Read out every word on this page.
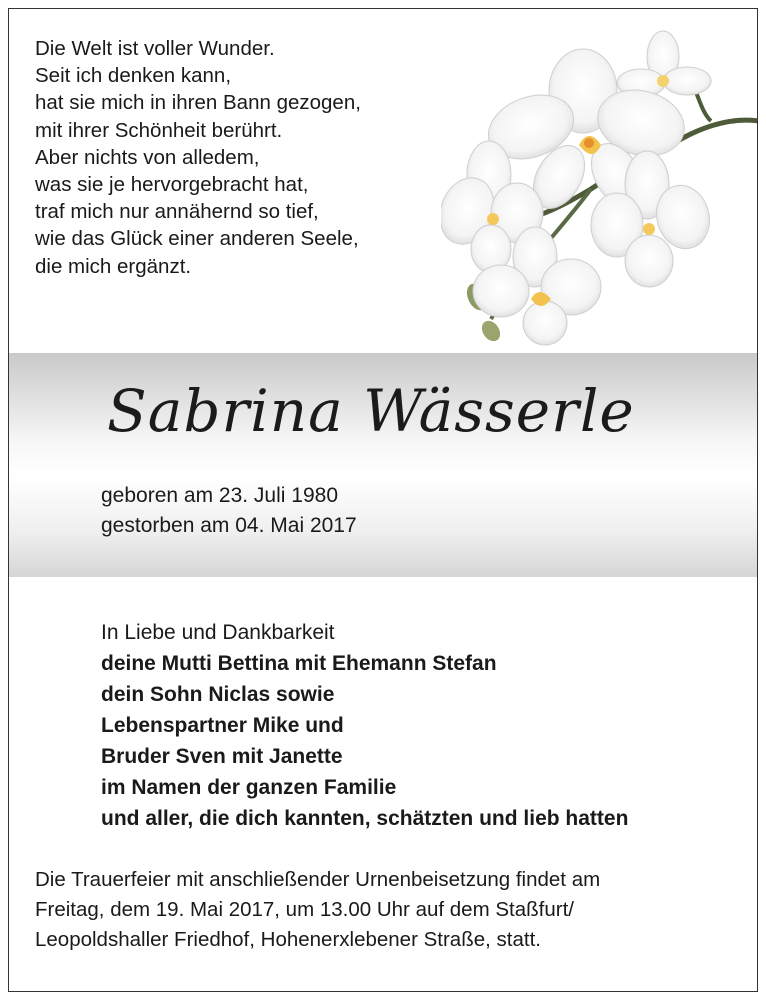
Die Welt ist voller Wunder.
Seit ich denken kann,
hat sie mich in ihren Bann gezogen,
mit ihrer Schönheit berührt.
Aber nichts von alledem,
was sie je hervorgebracht hat,
traf mich nur annähernd so tief,
wie das Glück einer anderen Seele,
die mich ergänzt.
Sabrina Wässerle
geboren am 23. Juli 1980
gestorben am 04. Mai 2017
In Liebe und Dankbarkeit
deine Mutti Bettina mit Ehemann Stefan
dein Sohn Niclas sowie
Lebenspartner Mike und
Bruder Sven mit Janette
im Namen der ganzen Familie
und aller, die dich kannten, schätzten und lieb hatten
Die Trauerfeier mit anschließender Urnenbeisetzung findet am
Freitag, dem 19. Mai 2017, um 13.00 Uhr auf dem Staßfurt/
Leopoldshaller Friedhof, Hohenerxlebener Straße, statt.
